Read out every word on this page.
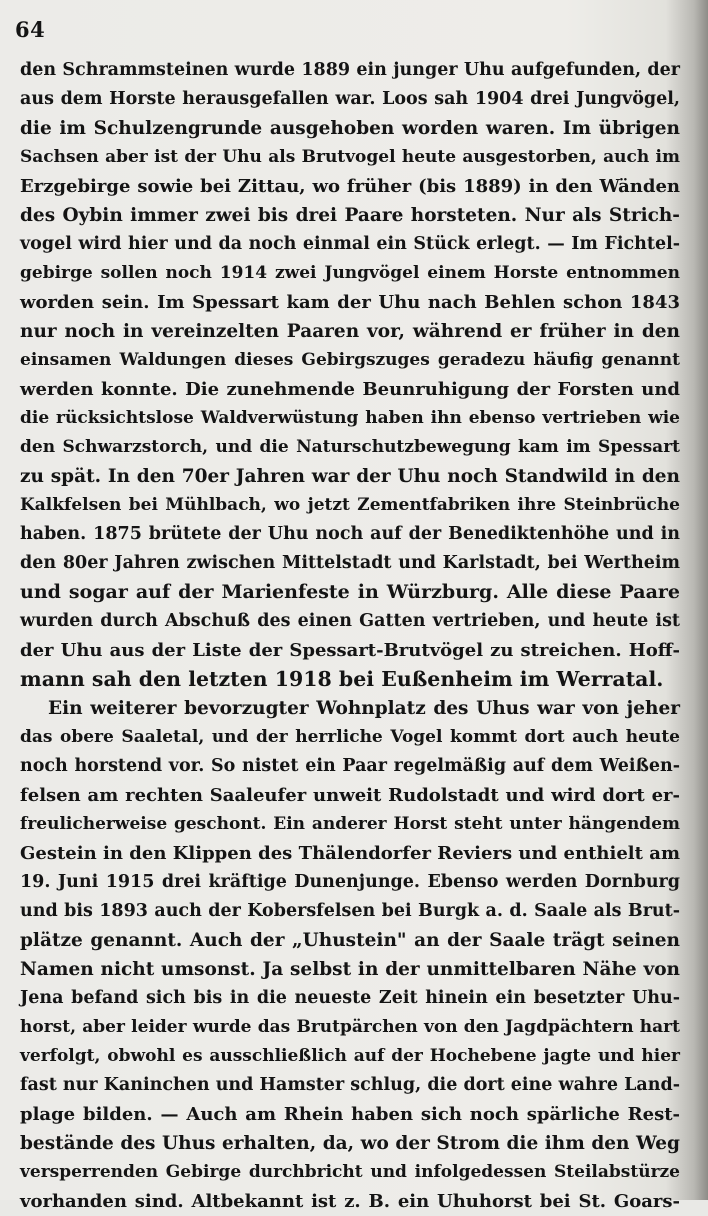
64
den Schrammsteinen wurde 1889 ein junger Uhu aufgefunden, der
aus dem Horste herausgefallen war. Loos sah 1904 drei Jungvögel,
die im Schulzengrunde ausgehoben worden waren. Im übrigen
Sachsen aber ist der Uhu als Brutvogel heute ausgestorben, auch im
Erzgebirge sowie bei Zittau, wo früher (bis 1889) in den Wänden
des Oybin immer zwei bis drei Paare horsteten. Nur als Strich-
vogel wird hier und da noch einmal ein Stück erlegt. — Im Fichtel-
gebirge sollen noch 1914 zwei Jungvögel einem Horste entnommen
worden sein. Im Spessart kam der Uhu nach Behlen schon 1843
nur noch in vereinzelten Paaren vor, während er früher in den
einsamen Waldungen dieses Gebirgszuges geradezu häufig genannt
werden konnte. Die zunehmende Beunruhigung der Forsten und
die rücksichtslose Waldverwüstung haben ihn ebenso vertrieben wie
den Schwarzstorch, und die Naturschutzbewegung kam im Spessart
zu spät. In den 70er Jahren war der Uhu noch Standwild in den
Kalkfelsen bei Mühlbach, wo jetzt Zementfabriken ihre Steinbrüche
haben. 1875 brütete der Uhu noch auf der Benediktenhöhe und in
den 80er Jahren zwischen Mittelstadt und Karlstadt, bei Wertheim
und sogar auf der Marienfeste in Würzburg. Alle diese Paare
wurden durch Abschuß des einen Gatten vertrieben, und heute ist
der Uhu aus der Liste der Spessart-Brutvögel zu streichen. Hoff-
mann sah den letzten 1918 bei Eußenheim im Werratal.
Ein weiterer bevorzugter Wohnplatz des Uhus war von jeher
das obere Saaletal, und der herrliche Vogel kommt dort auch heute
noch horstend vor. So nistet ein Paar regelmäßig auf dem Weißen-
felsen am rechten Saaleufer unweit Rudolstadt und wird dort er-
freulicherweise geschont. Ein anderer Horst steht unter hängendem
Gestein in den Klippen des Thälendorfer Reviers und enthielt am
19. Juni 1915 drei kräftige Dunenjunge. Ebenso werden Dornburg
und bis 1893 auch der Kobersfelsen bei Burgk a. d. Saale als Brut-
plätze genannt. Auch der „Uhustein" an der Saale trägt seinen
Namen nicht umsonst. Ja selbst in der unmittelbaren Nähe von
Jena befand sich bis in die neueste Zeit hinein ein besetzter Uhu-
horst, aber leider wurde das Brutpärchen von den Jagdpächtern hart
verfolgt, obwohl es ausschließlich auf der Hochebene jagte und hier
fast nur Kaninchen und Hamster schlug, die dort eine wahre Land-
plage bilden. — Auch am Rhein haben sich noch spärliche Rest-
bestände des Uhus erhalten, da, wo der Strom die ihm den Weg
versperrenden Gebirge durchbricht und infolgedessen Steilabstürze
vorhanden sind. Altbekannt ist z. B. ein Uhuhorst bei St. Goars-
